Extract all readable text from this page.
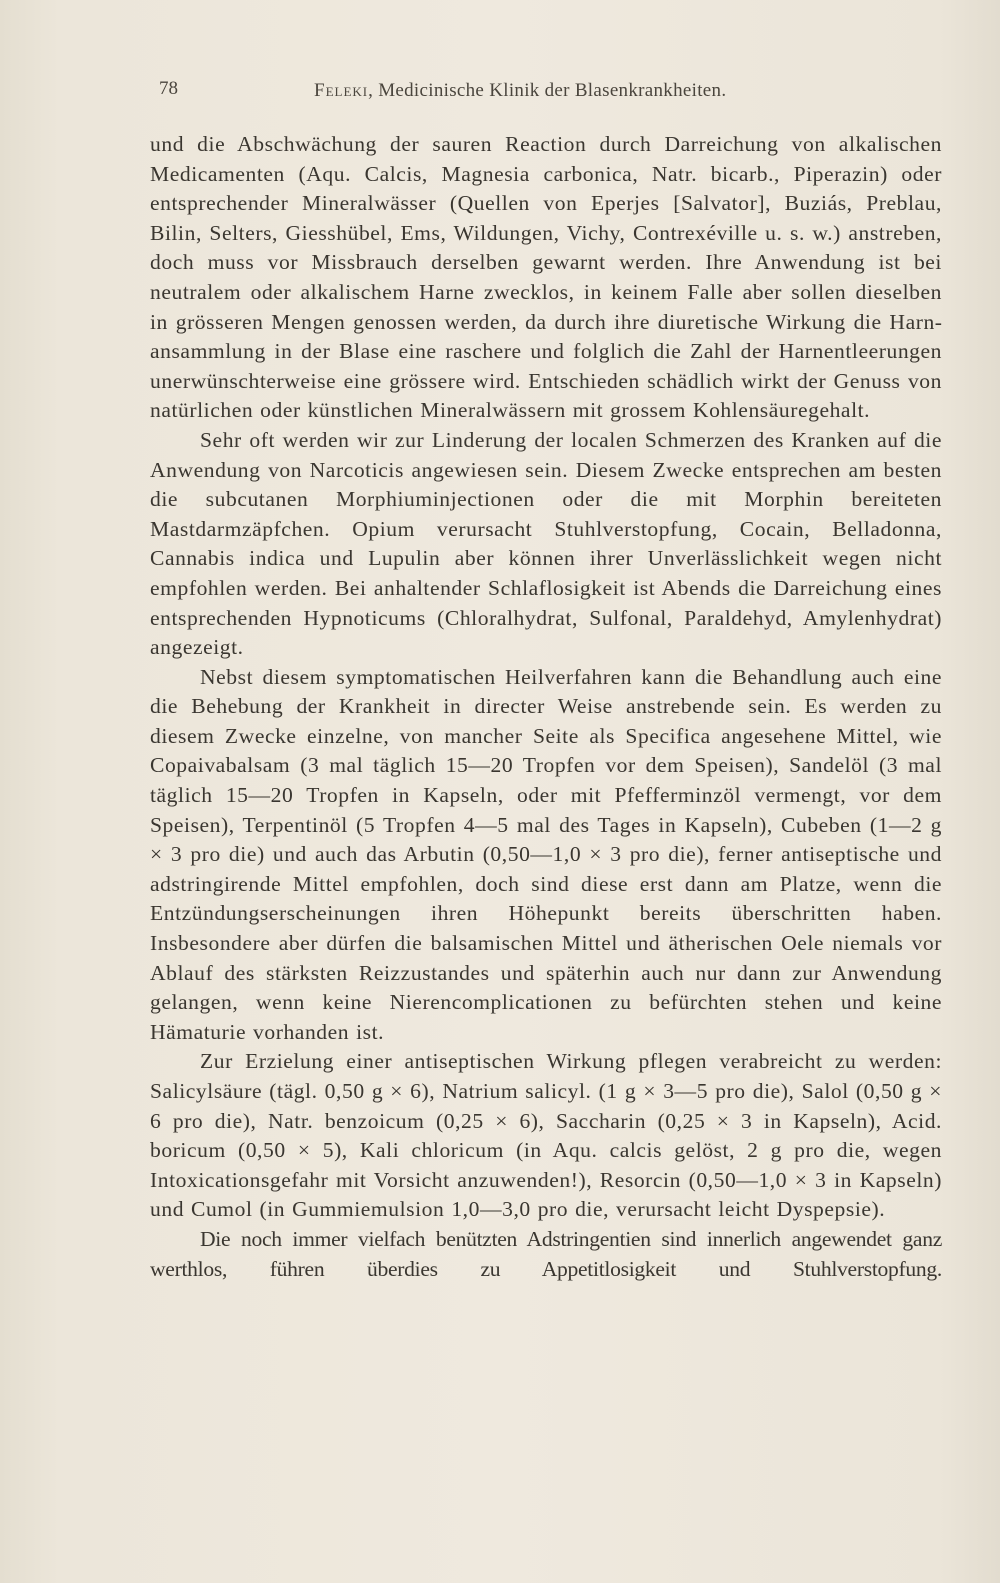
78	Feleki, Medicinische Klinik der Blasenkrankheiten.

und die Abschwächung der sauren Reaction durch Darreichung von alkalischen Medicamenten (Aqu. Calcis, Magnesia carbonica, Natr. bicarb., Piperazin) oder entsprechender Mineralwässer (Quellen von Eperjes [Salvator], Buziás, Preblau, Bilin, Selters, Giesshübel, Ems, Wildungen, Vichy, Contrexéville u. s. w.) anstreben, doch muss vor Missbrauch derselben gewarnt werden. Ihre Anwendung ist bei neutralem oder alkalischem Harne zwecklos, in keinem Falle aber sollen dieselben in grösseren Mengen genossen werden, da durch ihre diuretische Wirkung die Harnansammlung in der Blase eine raschere und folglich die Zahl der Harnentleerungen unerwünschterweise eine grössere wird. Entschieden schädlich wirkt der Genuss von natürlichen oder künstlichen Mineralwässern mit grossem Kohlensäuregehalt.

Sehr oft werden wir zur Linderung der localen Schmerzen des Kranken auf die Anwendung von Narcoticis angewiesen sein. Diesem Zwecke entsprechen am besten die subcutanen Morphiuminjectionen oder die mit Morphin bereiteten Mastdarmzäpfchen. Opium verursacht Stuhlverstopfung, Cocain, Belladonna, Cannabis indica und Lupulin aber können ihrer Unverlässlichkeit wegen nicht empfohlen werden. Bei anhaltender Schlaflosigkeit ist Abends die Darreichung eines entsprechenden Hypnoticums (Chloralhydrat, Sulfonal, Paraldehyd, Amylenhydrat) angezeigt.

Nebst diesem symptomatischen Heilverfahren kann die Behandlung auch eine die Behebung der Krankheit in directer Weise anstrebende sein. Es werden zu diesem Zwecke einzelne, von mancher Seite als Specifica angesehene Mittel, wie Copaivabalsam (3 mal täglich 15—20 Tropfen vor dem Speisen), Sandelöl (3 mal täglich 15—20 Tropfen in Kapseln, oder mit Pfefferminzöl vermengt, vor dem Speisen), Terpentinöl (5 Tropfen 4—5 mal des Tages in Kapseln), Cubeben (1—2 g × 3 pro die) und auch das Arbutin (0,50—1,0 × 3 pro die), ferner antiseptische und adstringirende Mittel empfohlen, doch sind diese erst dann am Platze, wenn die Entzündungserscheinungen ihren Höhepunkt bereits überschritten haben. Insbesondere aber dürfen die balsamischen Mittel und ätherischen Oele niemals vor Ablauf des stärksten Reizzustandes und späterhin auch nur dann zur Anwendung gelangen, wenn keine Nierencomplicationen zu befürchten stehen und keine Hämaturie vorhanden ist.

Zur Erzielung einer antiseptischen Wirkung pflegen verabreicht zu werden: Salicylsäure (tägl. 0,50 g × 6), Natrium salicyl. (1 g × 3—5 pro die), Salol (0,50 g × 6 pro die), Natr. benzoicum (0,25 × 6), Saccharin (0,25 × 3 in Kapseln), Acid. boricum (0,50 × 5), Kali chloricum (in Aqu. calcis gelöst, 2 g pro die, wegen Intoxicationsgefahr mit Vorsicht anzuwenden!), Resorcin (0,50—1,0 × 3 in Kapseln) und Cumol (in Gummiemulsion 1,0—3,0 pro die, verursacht leicht Dyspepsie).

Die noch immer vielfach benützten Adstringentien sind innerlich angewendet ganz werthlos, führen überdies zu Appetitlosigkeit und Stuhlverstopfung.
